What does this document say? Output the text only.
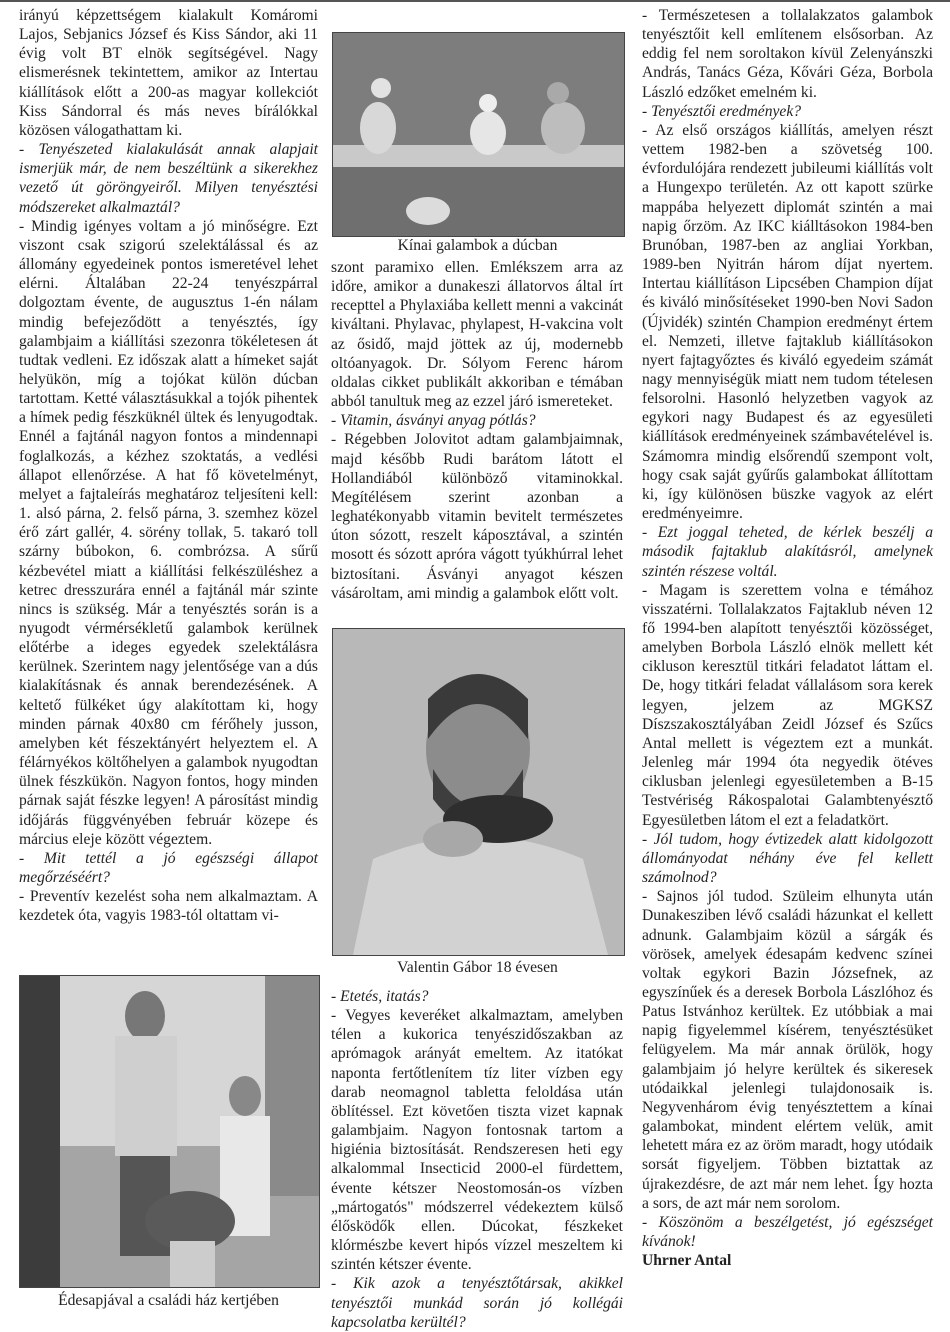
irányú képzettségem kialakult Komáromi Lajos, Sebjanics József és Kiss Sándor, aki 11 évig volt BT elnök segítségével. Nagy elismerésnek tekintettem, amikor az Intertau kiállítások előtt a 200-as magyar kollekciót Kiss Sándorral és más neves bírálókkal közösen válogathattam ki.

- Tenyészeted kialakulását annak alapjait ismerjük már, de nem beszéltünk a sikerekhez vezető út göröngyeiről. Milyen tenyésztési módszereket alkalmaztál?

- Mindig igényes voltam a jó minőségre. Ezt viszont csak szigorú szelektálással és az állomány egyedeinek pontos ismeretével lehet elérni. Általában 22-24 tenyészpárral dolgoztam évente, de augusztus 1-én nálam mindig befejeződött a tenyésztés, így galambjaim a kiállítási szezonra tökéletesen át tudtak vedleni. Ez időszak alatt a hímeket saját helyükön, míg a tojókat külön dúcban tartottam. Ketté választásukkal a tojók pihentek a hímek pedig fészküknél ültek és lenyugodtak. Ennél a fajtánál nagyon fontos a mindennapi foglalkozás, a kézhez szoktatás, a vedlési állapot ellenőrzése. A hat fő követelményt, melyet a fajtaleírás meghatároz teljesíteni kell: 1. alsó párna, 2. felső párna, 3. szemhez közel érő zárt gallér, 4. sörény tollak, 5. takaró toll szárny búbokon, 6. combrózsa. A sűrű kézbevétel miatt a kiállítási felkészüléshez a ketrec dresszurára ennél a fajtánál már szinte nincs is szükség. Már a tenyésztés során is a nyugodt vérmérsékletű galambok kerülnek előtérbe a ideges egyedek szelektálásra kerülnek. Szerintem nagy jelentősége van a dús kialakításnak és annak berendezésének. A keltető fülkéket úgy alakítottam ki, hogy minden párnak 40x80 cm férőhely jusson, amelyben két fészektányért helyeztem el. A félárnyékos költőhelyen a galambok nyugodtan ülnek fészkükön. Nagyon fontos, hogy minden párnak saját fészke legyen! A párosítást mindig időjárás függvényében február közepe és március eleje között végeztem.

- Mit tettél a jó egészségi állapot megőrzéséért?

- Preventív kezelést soha nem alkalmaztam. A kezdetek óta, vagyis 1983-tól oltattam vi-

Kínai galambok a dúcban

szont paramixo ellen. Emlékszem arra az időre, amikor a dunakeszi állatorvos által írt recepttel a Phylaxiába kellett menni a vakcinát kiváltani. Phylavac, phylapest, H-vakcina volt az ősidő, majd jöttek az új, modernebb oltóanyagok. Dr. Sólyom Ferenc három oldalas cikket publikált akkoriban e témában abból tanultuk meg az ezzel járó ismereteket.

- Vitamin, ásványi anyag pótlás?

- Régebben Jolovitot adtam galambjaimnak, majd később Rudi barátom látott el Hollandiából különböző vitaminokkal. Megítélésem szerint azonban a leghatékonyabb vitamin bevitelt természetes úton sózott, reszelt káposztával, a szintén mosott és sózott apróra vágott tyúkhúrral lehet biztosítani. Ásványi anyagot készen vásároltam, ami mindig a galambok előtt volt.

Valentin Gábor 18 évesen

- Etetés, itatás?

- Vegyes keveréket alkalmaztam, amelyben télen a kukorica tenyészidőszakban az aprómagok arányát emeltem. Az itatókat naponta fertőtlenítem tíz liter vízben egy darab neomagnol tabletta feloldása után öblítéssel. Ezt követően tiszta vizet kapnak galambjaim. Nagyon fontosnak tartom a higiénia biztosítását. Rendszeresen heti egy alkalommal Insecticid 2000-el fürdettem, évente kétszer Neostomosán-os vízben „mártogatós" módszerrel védekeztem külső élősködők ellen. Dúcokat, fészkeket klórmészbe kevert hipós vízzel meszeltem ki szintén kétszer évente.

- Kik azok a tenyésztőtársak, akikkel tenyésztői munkád során jó kollégái kapcsolatba kerültél?

Édesapjával a családi ház kertjében

- Természetesen a tollalakzatos galambok tenyésztőit kell említenem elsősorban. Az eddig fel nem soroltakon kívül Zelenyánszki András, Tanács Géza, Kővári Géza, Borbola László edzőket emelném ki.

- Tenyésztői eredmények?

- Az első országos kiállítás, amelyen részt vettem 1982-ben a szövetség 100. évfordulójára rendezett jubileumi kiállítás volt a Hungexpo területén. Az ott kapott szürke mappába helyezett diplomát szintén a mai napig őrzöm. Az IKC kiálltásokon 1984-ben Brunóban, 1987-ben az angliai Yorkban, 1989-ben Nyitrán három díjat nyertem. Intertau kiállításon Lipcsében Champion díjat és kiváló minősítéseket 1990-ben Novi Sadon (Újvidék) szintén Champion eredményt értem el. Nemzeti, illetve fajtaklub kiállításokon nyert fajtagyőztes és kiváló egyedeim számát nagy mennyiségük miatt nem tudom tételesen felsorolni. Hasonló helyzetben vagyok az egykori nagy Budapest és az egyesületi kiállítások eredményeinek számbavételével is. Számomra mindig elsőrendű szempont volt, hogy csak saját gyűrűs galambokat állítottam ki, így különösen büszke vagyok az elért eredményeimre.

- Ezt joggal teheted, de kérlek beszélj a második fajtaklub alakításról, amelynek szintén részese voltál.

- Magam is szerettem volna e témához visszatérni. Tollalakzatos Fajtaklub néven 12 fő 1994-ben alapított tenyésztői közösséget, amelyben Borbola László elnök mellett két cikluson keresztül titkári feladatot láttam el. De, hogy titkári feladat vállalásom sora kerek legyen, jelzem az MGKSZ Díszszakosztályában Zeidl József és Szűcs Antal mellett is végeztem ezt a munkát. Jelenleg már 1994 óta negyedik ötéves ciklusban jelenlegi egyesületemben a B-15 Testvériség Rákospalotai Galambtenyésztő Egyesületben látom el ezt a feladatkört.

- Jól tudom, hogy évtizedek alatt kidolgozott állományodat néhány éve fel kellett számolnod?

- Sajnos jól tudod. Szüleim elhunyta után Dunakesziben lévő családi házunkat el kellett adnunk. Galambjaim közül a sárgák és vörösek, amelyek édesapám kedvenc színei voltak egykori Bazin Józsefnek, az egyszínűek és a deresek Borbola Lászlóhoz és Patus Istvánhoz kerültek. Ez utóbbiak a mai napig figyelemmel kísérem, tenyésztésüket felügyelem. Ma már annak örülök, hogy galambjaim jó helyre kerültek és sikeresek utódaikkal jelenlegi tulajdonosaik is. Negyvenhárom évig tenyésztettem a kínai galambokat, mindent elértem velük, amit lehetett mára ez az öröm maradt, hogy utódaik sorsát figyeljem. Többen biztattak az újrakezdésre, de azt már nem lehet. Így hozta a sors, de azt már nem sorolom.

- Köszönöm a beszélgetést, jó egészséget kívánok!

Uhrner Antal
